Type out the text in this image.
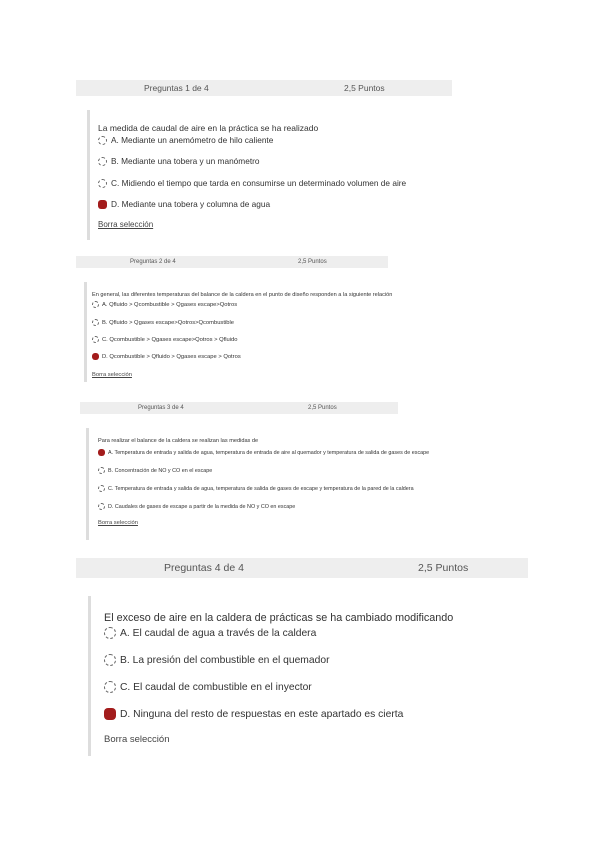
Preguntas 1 de 4	2,5 Puntos
La medida de caudal de aire en la práctica se ha realizado
A. Mediante un anemómetro de hilo caliente
B. Mediante una tobera y un manómetro
C. Midiendo el tiempo que tarda en consumirse un determinado volumen de aire
D. Mediante una tobera y columna de agua
Borra selección
Preguntas 2 de 4	2,5 Puntos
En general, las diferentes temperaturas del balance de la caldera en el punto de diseño responden a la siguiente relación
A. Qfluido > Qcombustible > Qgases escape>Qotros
B. Qfluido > Qgases escape>Qotros>Qcombustible
C. Qcombustible > Qgases escape>Qotros > Qfluido
D. Qcombustible > Qfluido > Qgases escape > Qotros
Borra selección
Preguntas 3 de 4	2,5 Puntos
Para realizar el balance de la caldera se realizan las medidas de
A. Temperatura de entrada y salida de agua, temperatura de entrada de aire al quemador y temperatura de salida de gases de escape
B. Concentración de NO y CO en el escape
C. Temperatura de entrada y salida de agua, temperatura de salida de gases de escape y temperatura de la pared de la caldera
D. Caudales de gases de escape a partir de la medida de NO y CO en escape
Borra selección
Preguntas 4 de 4	2,5 Puntos
El exceso de aire en la caldera de prácticas se ha cambiado modificando
A. El caudal de agua a través de la caldera
B. La presión del combustible en el quemador
C. El caudal de combustible en el inyector
D. Ninguna del resto de respuestas en este apartado es cierta
Borra selección
